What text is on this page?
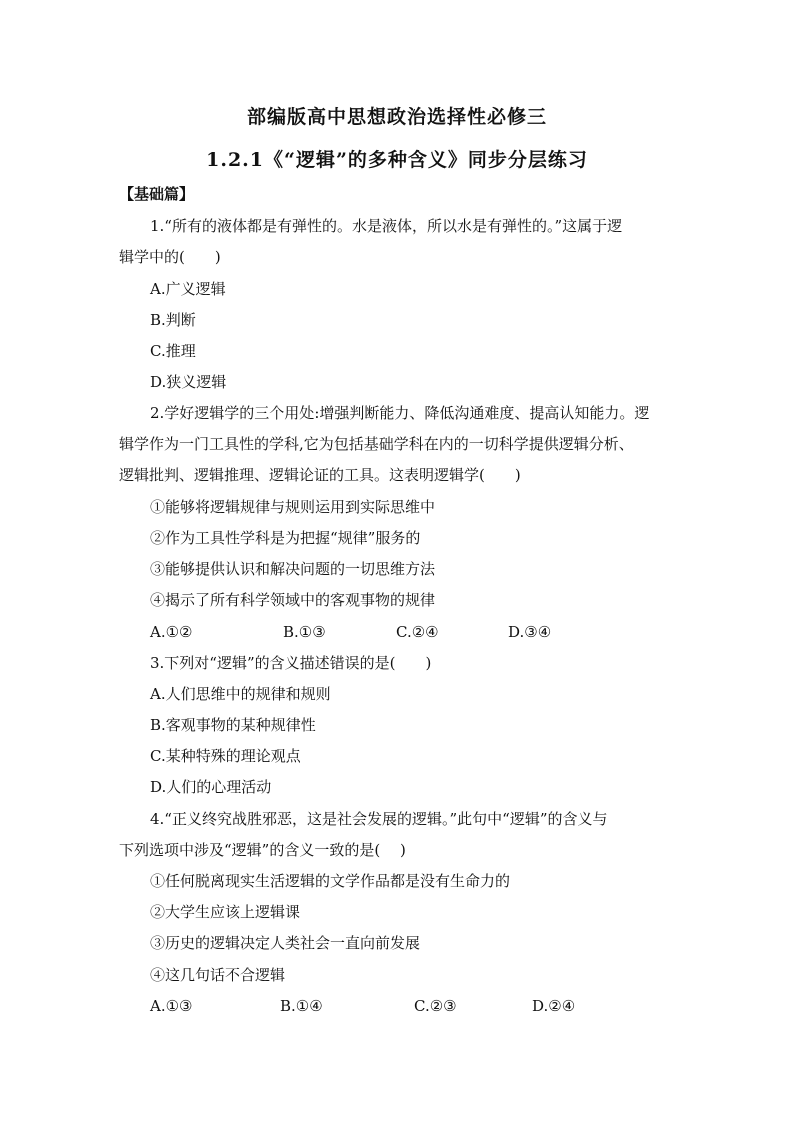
部编版高中思想政治选择性必修三
1.2.1《“逻辑”的多种含义》同步分层练习
【基础篇】
1.“所有的液体都是有弹性的。水是液体，所以水是有弹性的。”这属于逻
辑学中的(　　)
A.广义逻辑
B.判断
C.推理
D.狭义逻辑
2.学好逻辑学的三个用处:增强判断能力、降低沟通难度、提高认知能力。逻
辑学作为一门工具性的学科,它为包括基础学科在内的一切科学提供逻辑分析、
逻辑批判、逻辑推理、逻辑论证的工具。这表明逻辑学(　　)
①能够将逻辑规律与规则运用到实际思维中
②作为工具性学科是为把握“规律”服务的
③能够提供认识和解决问题的一切思维方法
④揭示了所有科学领域中的客观事物的规律
A.①②	B.①③	C.②④	D.③④
3.下列对“逻辑”的含义描述错误的是(　　)
A.人们思维中的规律和规则
B.客观事物的某种规律性
C.某种特殊的理论观点
D.人们的心理活动
4.“正义终究战胜邪恶，这是社会发展的逻辑。”此句中“逻辑”的含义与
下列选项中涉及“逻辑”的含义一致的是(　 )
①任何脱离现实生活逻辑的文学作品都是没有生命力的
②大学生应该上逻辑课
③历史的逻辑决定人类社会一直向前发展
④这几句话不合逻辑
A.①③	B.①④	C.②③	D.②④
